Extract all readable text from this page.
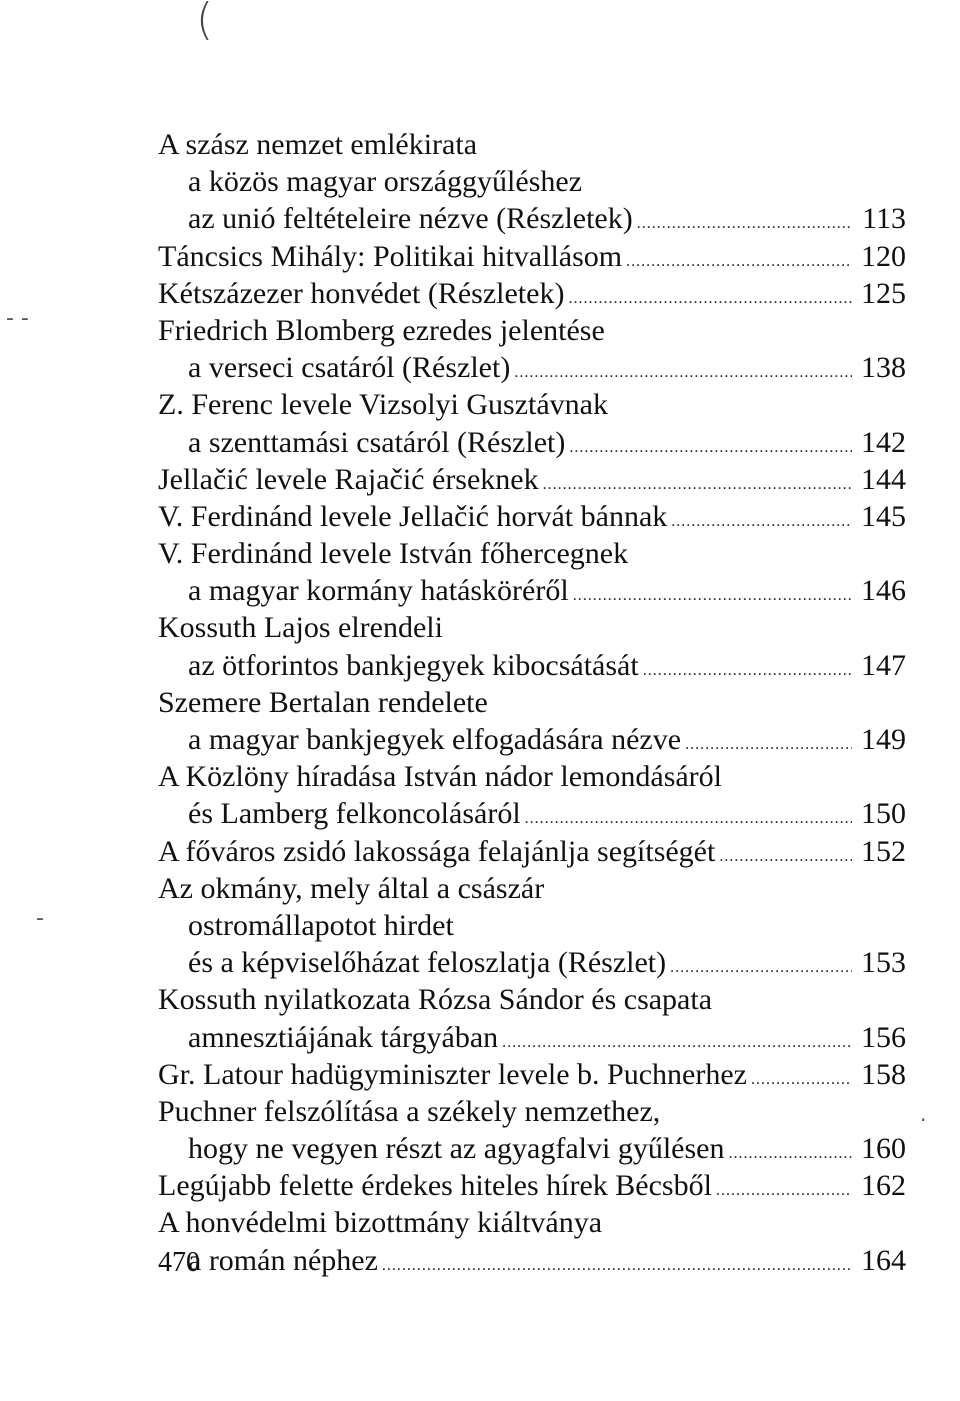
(
- -
-
·
A szász nemzet emlékirata
a közös magyar országgyűléshez
az unió feltételeire nézve (Részletek) .....	113
Táncsics Mihály: Politikai hitvallásom .....	120
Kétszázezer honvédet (Részletek) .....	125
Friedrich Blomberg ezredes jelentése
a verseci csatáról (Részlet) .....	138
Z. Ferenc levele Vizsolyi Gusztávnak
a szenttamási csatáról (Részlet) .....	142
Jellačić levele Rajačić érseknek .....	144
V. Ferdinánd levele Jellačić horvát bánnak .....	145
V. Ferdinánd levele István főhercegnek
a magyar kormány hatásköréről .....	146
Kossuth Lajos elrendeli
az ötforintos bankjegyek kibocsátását .....	147
Szemere Bertalan rendelete
a magyar bankjegyek elfogadására nézve .....	149
A Közlöny híradása István nádor lemondásáról
és Lamberg felkoncolásáról .....	150
A főváros zsidó lakossága felajánlja segítségét .....	152
Az okmány, mely által a császár
ostromállapotot hirdet
és a képviselőházat feloszlatja (Részlet) .....	153
Kossuth nyilatkozata Rózsa Sándor és csapata
amnesztiájának tárgyában .....	156
Gr. Latour hadügyminiszter levele b. Puchnerhez .....	158
Puchner felszólítása a székely nemzethez,
hogy ne vegyen részt az agyagfalvi gyűlésen .....	160
Legújabb felette érdekes hiteles hírek Bécsből .....	162
A honvédelmi bizottmány kiáltványa
a román néphez .....	164
470
